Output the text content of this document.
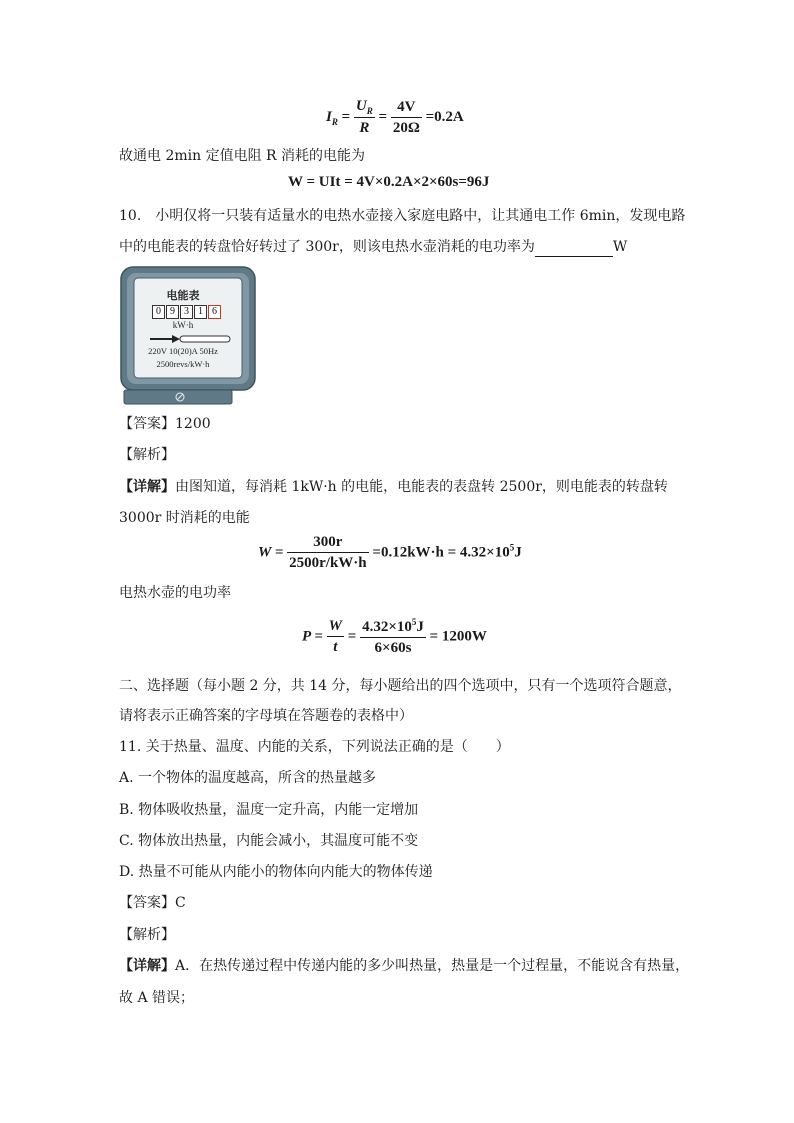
$I_R = \frac{U_R}{R} = \frac{4V}{20\Omega} =0.2A$
故通电 2min 定值电阻 R 消耗的电能为
W = UIt = 4V×0.2A×2×60s=96J
10.　小明仅将一只装有适量水的电热水壶接入家庭电路中，让其通电工作 6min，发现电路
中的电能表的转盘恰好转过了 300r，则该电热水壶消耗的电功率为	W
电能表
0 9 3 1 6
kW·h
220V 10(20)A 50Hz
2500revs/kW·h
【答案】1200
【解析】
【详解】由图知道，每消耗 1kW·h 的电能，电能表的表盘转 2500r，则电能表的转盘转
3000r 时消耗的电能
$W = \frac{300r}{2500r/kW\cdot h} =0.12kW\cdot h = 4.32\times 10^5J$
电热水壶的电功率
$P = \frac{W}{t} = \frac{4.32\times 10^5J}{6\times 60s} = 1200W$
二、选择题（每小题 2 分，共 14 分，每小题给出的四个选项中，只有一个选项符合题意，
请将表示正确答案的字母填在答题卷的表格中）
11. 关于热量、温度、内能的关系，下列说法正确的是（　　）
A. 一个物体的温度越高，所含的热量越多
B. 物体吸收热量，温度一定升高，内能一定增加
C. 物体放出热量，内能会减小，其温度可能不变
D. 热量不可能从内能小的物体向内能大的物体传递
【答案】C
【解析】
【详解】A．在热传递过程中传递内能的多少叫热量，热量是一个过程量，不能说含有热量，
故 A 错误；
